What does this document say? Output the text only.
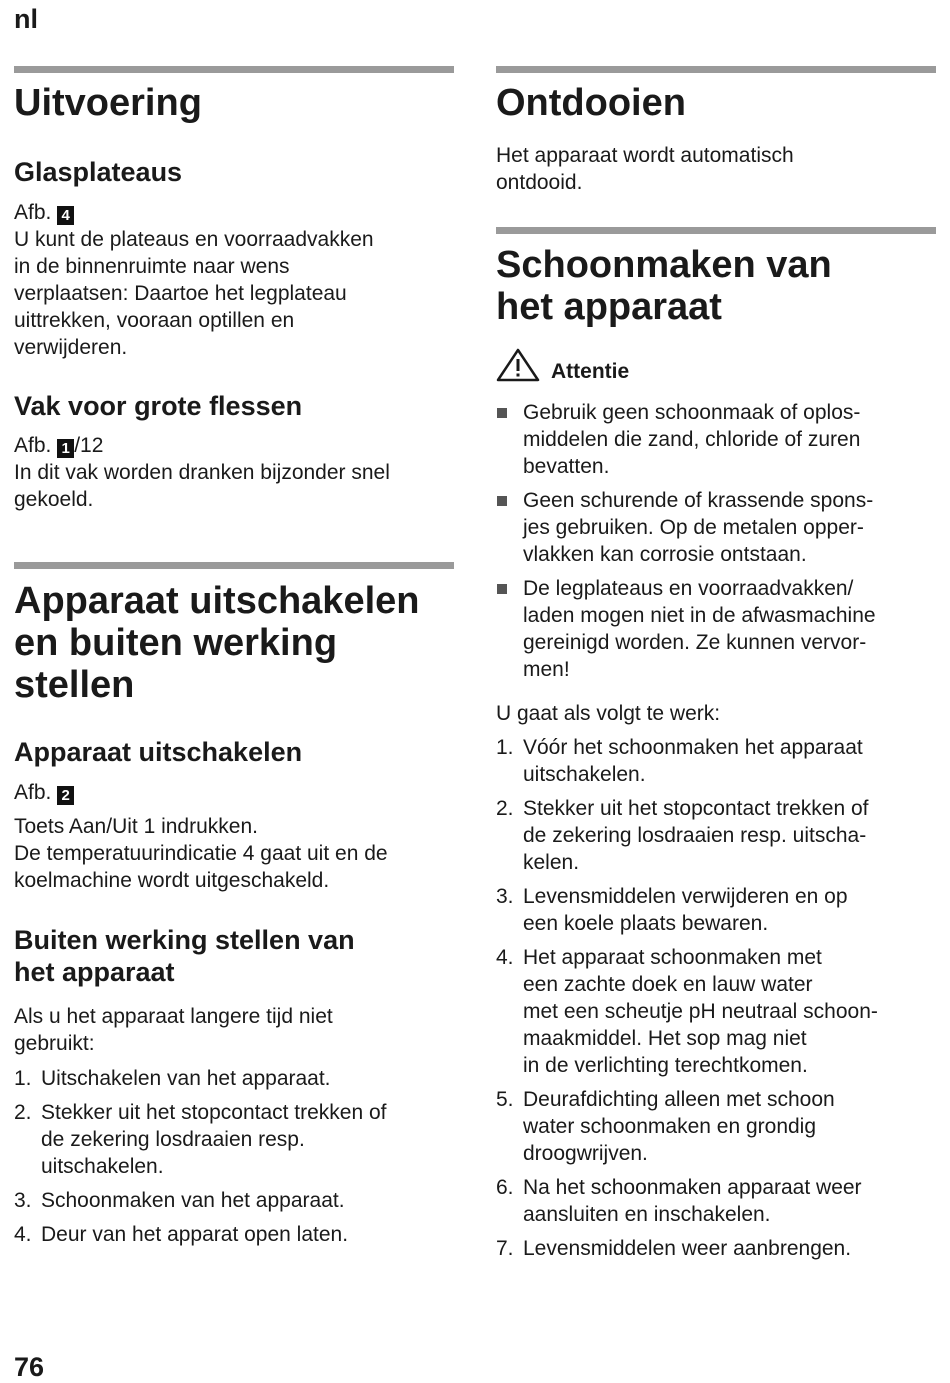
nl
Uitvoering
Glasplateaus
Afb. 4

U kunt de plateaus en voorraadvakken
in de binnenruimte naar wens
verplaatsen: Daartoe het legplateau
uittrekken, vooraan optillen en
verwijderen.

Vak voor grote flessen
Afb. 1 /12

In dit vak worden dranken bijzonder snel
gekoeld.

Apparaat uitschakelen
en buiten werking
stellen
Apparaat uitschakelen
Afb. 2

Toets Aan/Uit 1 indrukken.
De temperatuurindicatie 4 gaat uit en de
koelmachine wordt uitgeschakeld.

Buiten werking stellen van
het apparaat

Als u het apparaat langere tijd niet
gebruikt:

1. Uitschakelen van het apparaat.
2. Stekker uit het stopcontact trekken of
de zekering losdraaien resp.
uitschakelen.
3. Schoonmaken van het apparaat.
4. Deur van het apparat open laten.
Ontdooien

Het apparaat wordt automatisch
ontdooid.

Schoonmaken van
het apparaat
Attentie
Gebruik geen schoonmaak of oplos-
middelen die zand, chloride of zuren
bevatten.
Geen schurende of krassende spons-
jes gebruiken. Op de metalen opper-
vlakken kan corrosie ontstaan.
De legplateaus en voorraadvakken/
laden mogen niet in de afwasmachine
gereinigd worden. Ze kunnen vervor-
men!

U gaat als volgt te werk:

1. Vóór het schoonmaken het apparaat
uitschakelen.
2. Stekker uit het stopcontact trekken of
de zekering losdraaien resp. uitscha-
kelen.
3. Levensmiddelen verwijderen en op
een koele plaats bewaren.
4. Het apparaat schoonmaken met
een zachte doek en lauw water
met een scheutje pH neutraal schoon-
maakmiddel. Het sop mag niet
in de verlichting terechtkomen.
5. Deurafdichting alleen met schoon
water schoonmaken en grondig
droogwrijven.
6. Na het schoonmaken apparaat weer
aansluiten en inschakelen.
7. Levensmiddelen weer aanbrengen.
76
